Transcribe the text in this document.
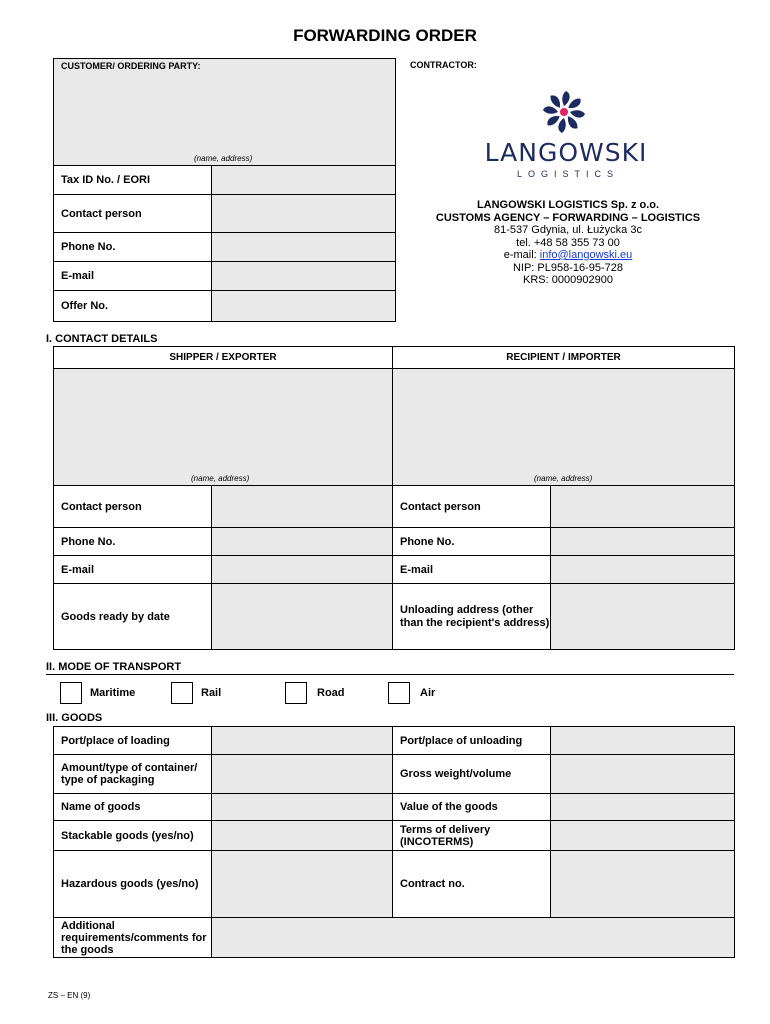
FORWARDING ORDER
CUSTOMER/ ORDERING PARTY:
(name, address)	

Tax ID No. / EORI	
Contact person	
Phone No.	
E-mail	
Offer No.	
CONTRACTOR:
LANGOWSKI
LOGISTICS
LANGOWSKI LOGISTICS Sp. z o.o.
CUSTOMS AGENCY – FORWARDING – LOGISTICS
81-537 Gdynia, ul. Łużycka 3c
tel. +48 58 355 73 00
e-mail: info@langowski.eu
NIP: PL958-16-95-728
KRS: 0000902900
I. CONTACT DETAILS
SHIPPER / EXPORTER		RECIPIENT / IMPORTER	

(name, address)		(name, address)	

Contact person		Contact person	
Phone No.		Phone No.	
E-mail		E-mail	
Goods ready by date		Unloading address (other than the recipient's address)	
II. MODE OF TRANSPORT
Maritime	Rail	Road	Air
III. GOODS
Port/place of loading		Port/place of unloading	
Amount/type of container/ type of packaging		Gross weight/volume	
Name of goods		Value of the goods	
Stackable goods (yes/no)		Terms of delivery (INCOTERMS)	
Hazardous goods (yes/no)		Contract no.	
Additional requirements/comments for the goods			
ZS – EN (9)
